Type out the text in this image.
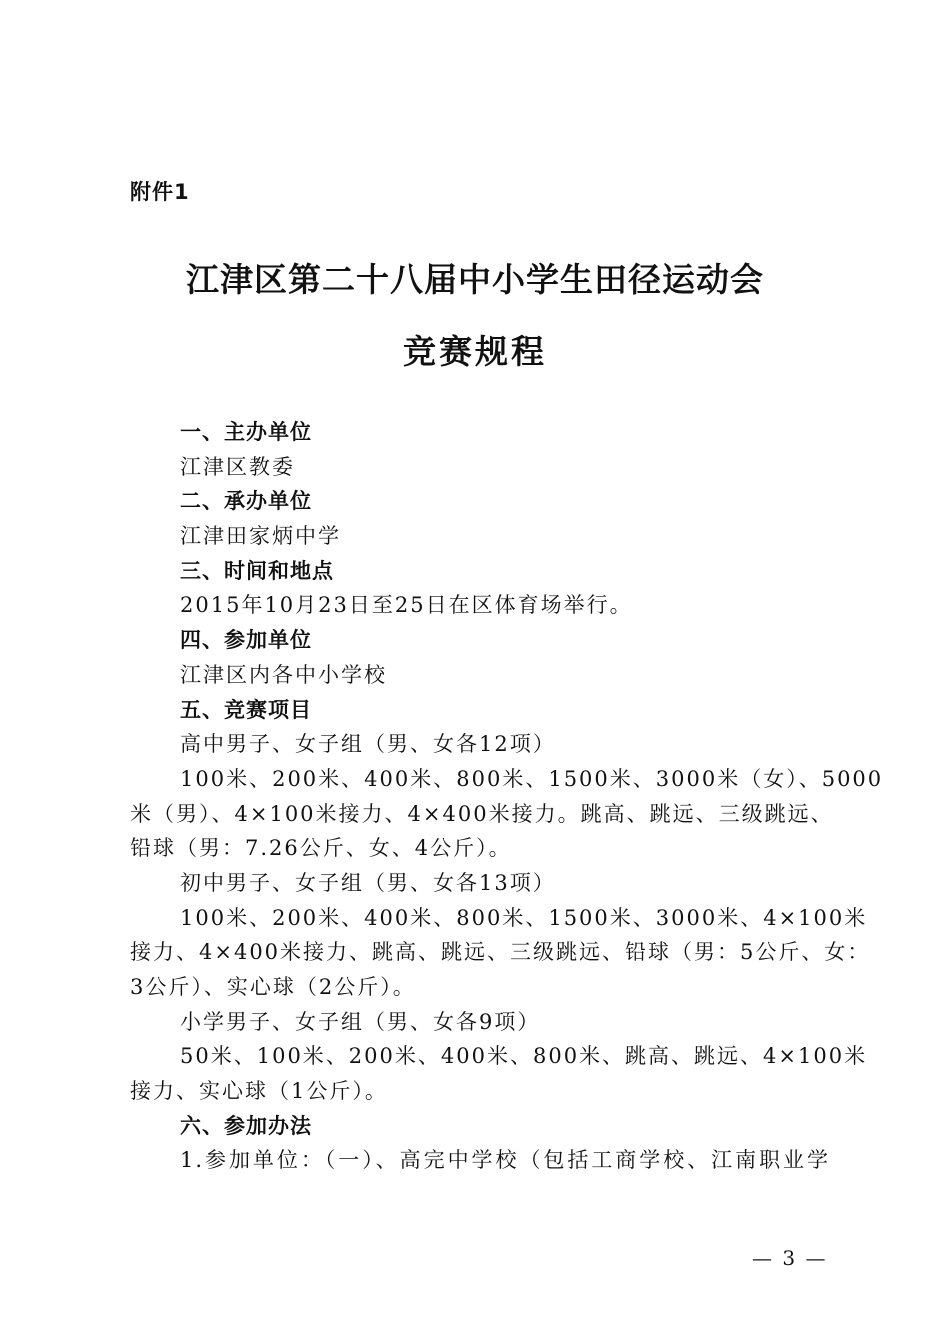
附件1
江津区第二十八届中小学生田径运动会
竞赛规程
一、主办单位
江津区教委
二、承办单位
江津田家炳中学
三、时间和地点
2015年10月23日至25日在区体育场举行。
四、参加单位
江津区内各中小学校
五、竞赛项目
高中男子、女子组（男、女各12项）
100米、200米、400米、800米、1500米、3000米（女）、5000
米（男）、4×100米接力、4×400米接力。跳高、跳远、三级跳远、
铅球（男：7.26公斤、女、4公斤）。
初中男子、女子组（男、女各13项）
100米、200米、400米、800米、1500米、3000米、4×100米
接力、4×400米接力、跳高、跳远、三级跳远、铅球（男：5公斤、女：
3公斤）、实心球（2公斤）。
小学男子、女子组（男、女各9项）
50米、100米、200米、400米、800米、跳高、跳远、4×100米
接力、实心球（1公斤）。
六、参加办法
1.参加单位：（一）、高完中学校（包括工商学校、江南职业学
— 3 —
